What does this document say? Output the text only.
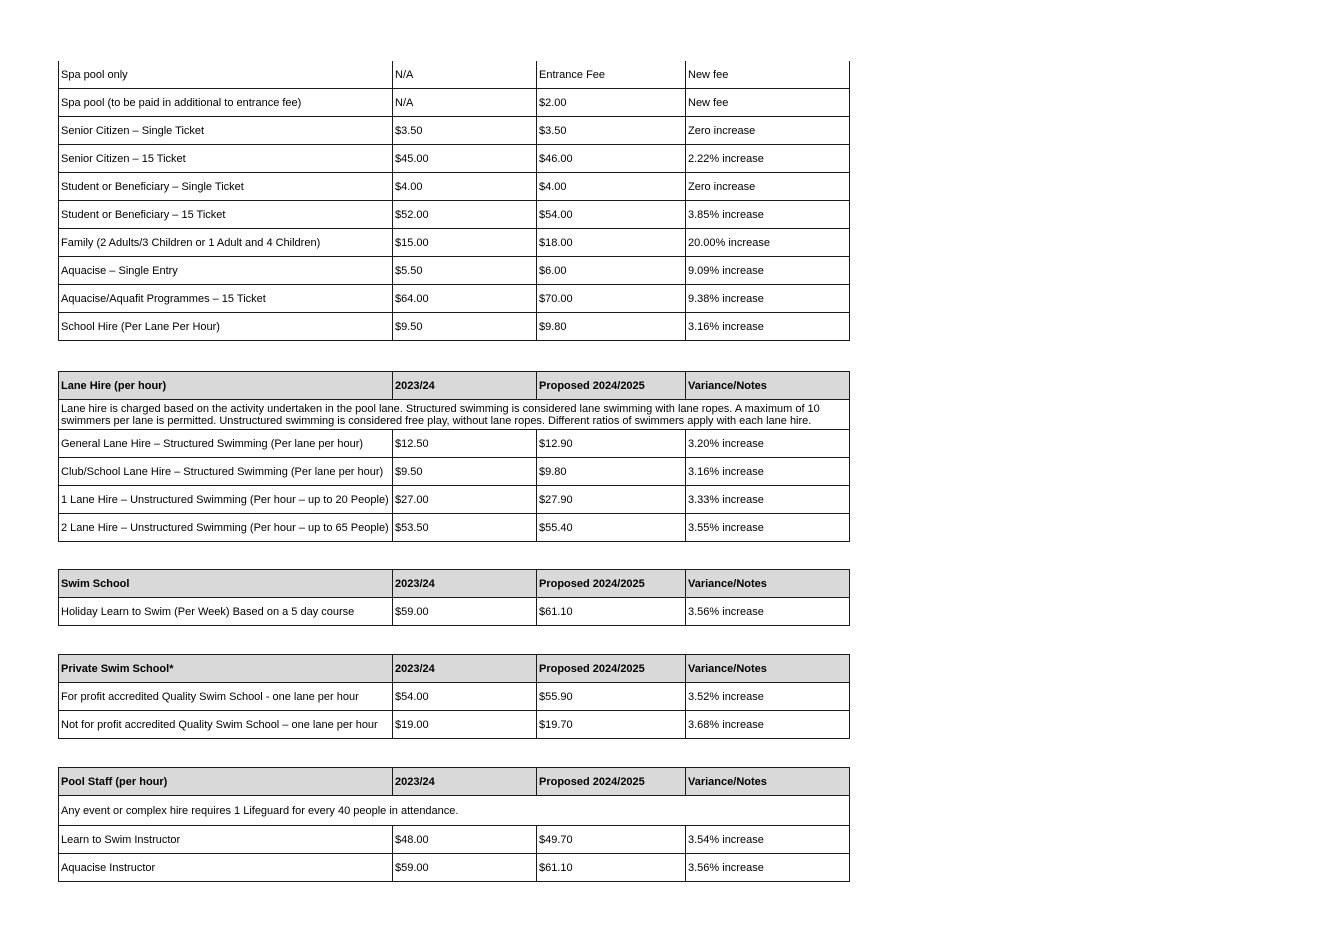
Spa pool only	N/A	Entrance Fee	New fee
Spa pool (to be paid in additional to entrance fee)	N/A	$2.00	New fee
Senior Citizen – Single Ticket	$3.50	$3.50	Zero increase
Senior Citizen – 15 Ticket	$45.00	$46.00	2.22% increase
Student or Beneficiary – Single Ticket	$4.00	$4.00	Zero increase
Student or Beneficiary – 15 Ticket	$52.00	$54.00	3.85% increase
Family (2 Adults/3 Children or 1 Adult and 4 Children)	$15.00	$18.00	20.00% increase
Aquacise – Single Entry	$5.50	$6.00	9.09% increase
Aquacise/Aquafit Programmes – 15 Ticket	$64.00	$70.00	9.38% increase
School Hire (Per Lane Per Hour)	$9.50	$9.80	3.16% increase
Lane Hire (per hour)	2023/24	Proposed 2024/2025	Variance/Notes
Lane hire is charged based on the activity undertaken in the pool lane. Structured swimming is considered lane swimming with lane ropes. A maximum of 10 swimmers per lane is permitted. Unstructured swimming is considered free play, without lane ropes. Different ratios of swimmers apply with each lane hire.			
General Lane Hire – Structured Swimming (Per lane per hour)	$12.50	$12.90	3.20% increase
Club/School Lane Hire – Structured Swimming (Per lane per hour)	$9.50	$9.80	3.16% increase
1 Lane Hire – Unstructured Swimming (Per hour – up to 20 People)	$27.00	$27.90	3.33% increase
2 Lane Hire – Unstructured Swimming (Per hour – up to 65 People)	$53.50	$55.40	3.55% increase
Swim School	2023/24	Proposed 2024/2025	Variance/Notes
Holiday Learn to Swim (Per Week) Based on a 5 day course	$59.00	$61.10	3.56% increase
Private Swim School*	2023/24	Proposed 2024/2025	Variance/Notes
For profit accredited Quality Swim School - one lane per hour	$54.00	$55.90	3.52% increase
Not for profit accredited Quality Swim School – one lane per hour	$19.00	$19.70	3.68% increase
Pool Staff (per hour)	2023/24	Proposed 2024/2025	Variance/Notes
Any event or complex hire requires 1 Lifeguard for every 40 people in attendance.			
Learn to Swim Instructor	$48.00	$49.70	3.54% increase
Aquacise Instructor	$59.00	$61.10	3.56% increase
